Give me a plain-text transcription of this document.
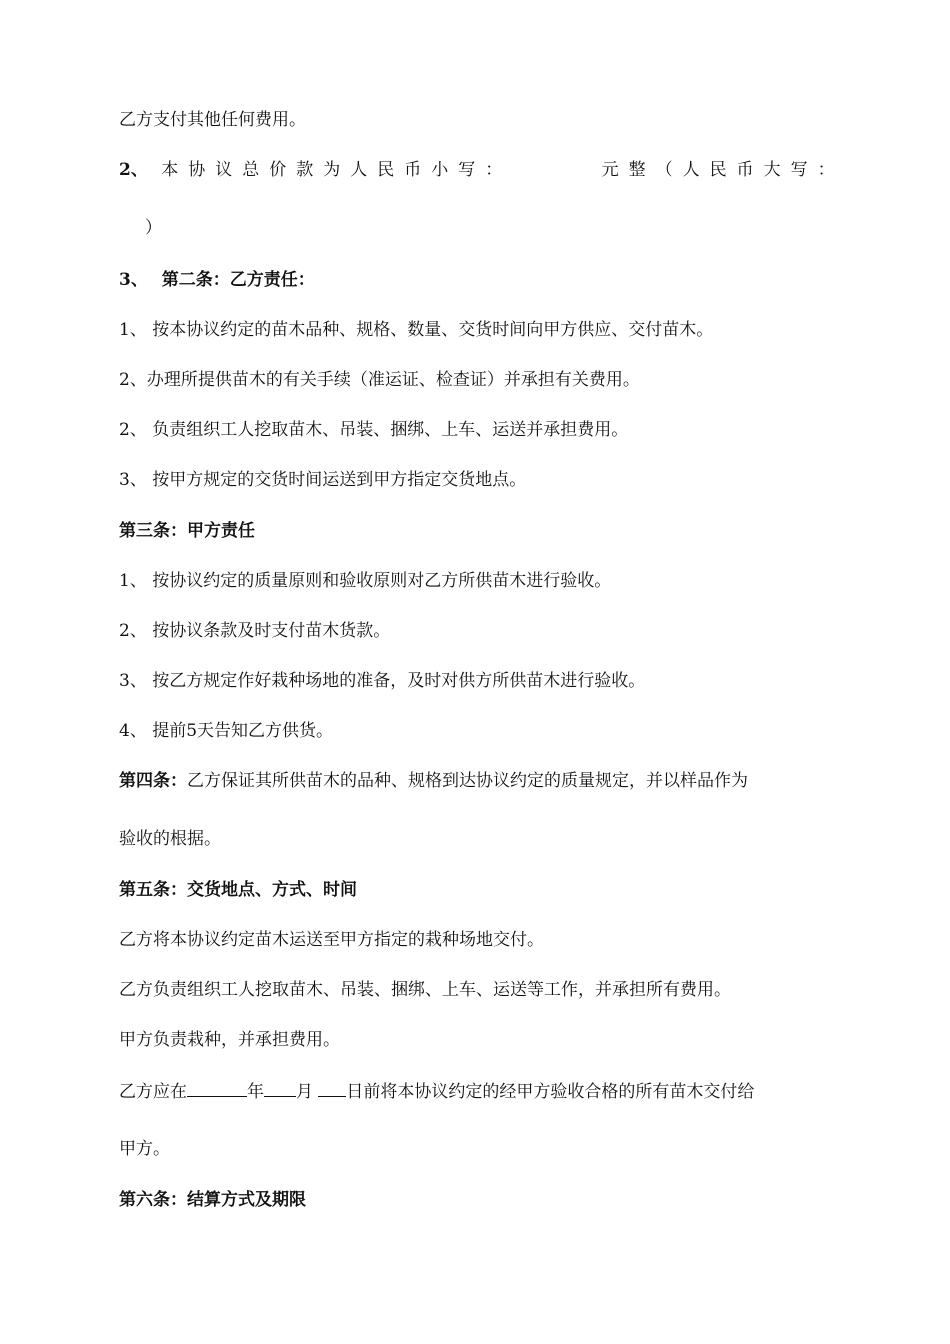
乙方支付其他任何费用。
2、 本协议总价款为人民币小写：	元整（人民币大写：
）
3、 第二条：乙方责任：
1、 按本协议约定的苗木品种、规格、数量、交货时间向甲方供应、交付苗木。
2、办理所提供苗木的有关手续（准运证、检查证）并承担有关费用。
2、 负责组织工人挖取苗木、吊装、捆绑、上车、运送并承担费用。
3、 按甲方规定的交货时间运送到甲方指定交货地点。
第三条：甲方责任
1、 按协议约定的质量原则和验收原则对乙方所供苗木进行验收。
2、 按协议条款及时支付苗木货款。
3、 按乙方规定作好栽种场地的准备，及时对供方所供苗木进行验收。
4、 提前5天告知乙方供货。
第四条：乙方保证其所供苗木的品种、规格到达协议约定的质量规定，并以样品作为
验收的根据。
第五条：交货地点、方式、时间
乙方将本协议约定苗木运送至甲方指定的栽种场地交付。
乙方负责组织工人挖取苗木、吊装、捆绑、上车、运送等工作，并承担所有费用。
甲方负责栽种，并承担费用。
乙方应在	年 月 日前将本协议约定的经甲方验收合格的所有苗木交付给
甲方。
第六条：结算方式及期限
